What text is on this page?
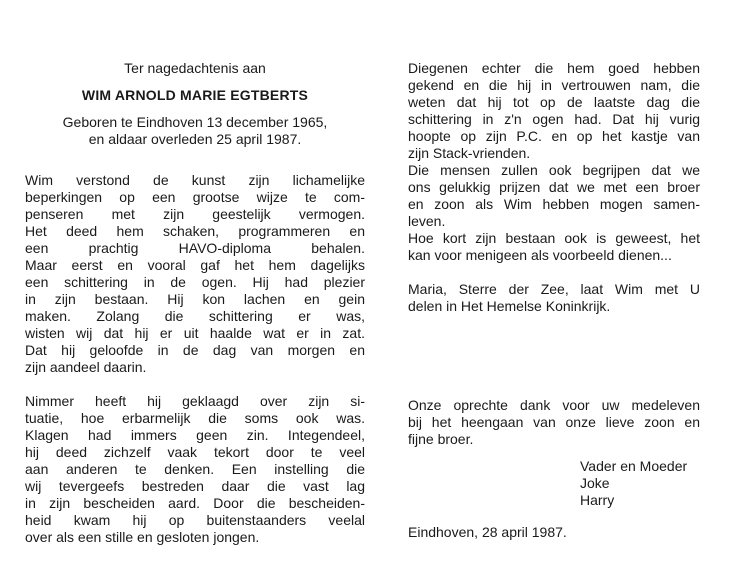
Ter nagedachtenis aan
WIM ARNOLD MARIE EGTBERTS
Geboren te Eindhoven 13 december 1965,
en aldaar overleden 25 april 1987.
Wim verstond de kunst zijn lichamelijke
beperkingen op een grootse wijze te com-
penseren met zijn geestelijk vermogen.
Het deed hem schaken, programmeren en
een prachtig HAVO-diploma behalen.
Maar eerst en vooral gaf het hem dagelijks
een schittering in de ogen. Hij had plezier
in zijn bestaan. Hij kon lachen en gein
maken. Zolang die schittering er was,
wisten wij dat hij er uit haalde wat er in zat.
Dat hij geloofde in de dag van morgen en
zijn aandeel daarin.
Nimmer heeft hij geklaagd over zijn si-
tuatie, hoe erbarmelijk die soms ook was.
Klagen had immers geen zin. Integendeel,
hij deed zichzelf vaak tekort door te veel
aan anderen te denken. Een instelling die
wij tevergeefs bestreden daar die vast lag
in zijn bescheiden aard. Door die bescheiden-
heid kwam hij op buitenstaanders veelal
over als een stille en gesloten jongen.
Diegenen echter die hem goed hebben
gekend en die hij in vertrouwen nam, die
weten dat hij tot op de laatste dag die
schittering in z'n ogen had. Dat hij vurig
hoopte op zijn P.C. en op het kastje van
zijn Stack-vrienden.
Die mensen zullen ook begrijpen dat we
ons gelukkig prijzen dat we met een broer
en zoon als Wim hebben mogen samen-
leven.
Hoe kort zijn bestaan ook is geweest, het
kan voor menigeen als voorbeeld dienen...
Maria, Sterre der Zee, laat Wim met U
delen in Het Hemelse Koninkrijk.
Onze oprechte dank voor uw medeleven
bij het heengaan van onze lieve zoon en
fijne broer.
Vader en Moeder
Joke
Harry
Eindhoven, 28 april 1987.
